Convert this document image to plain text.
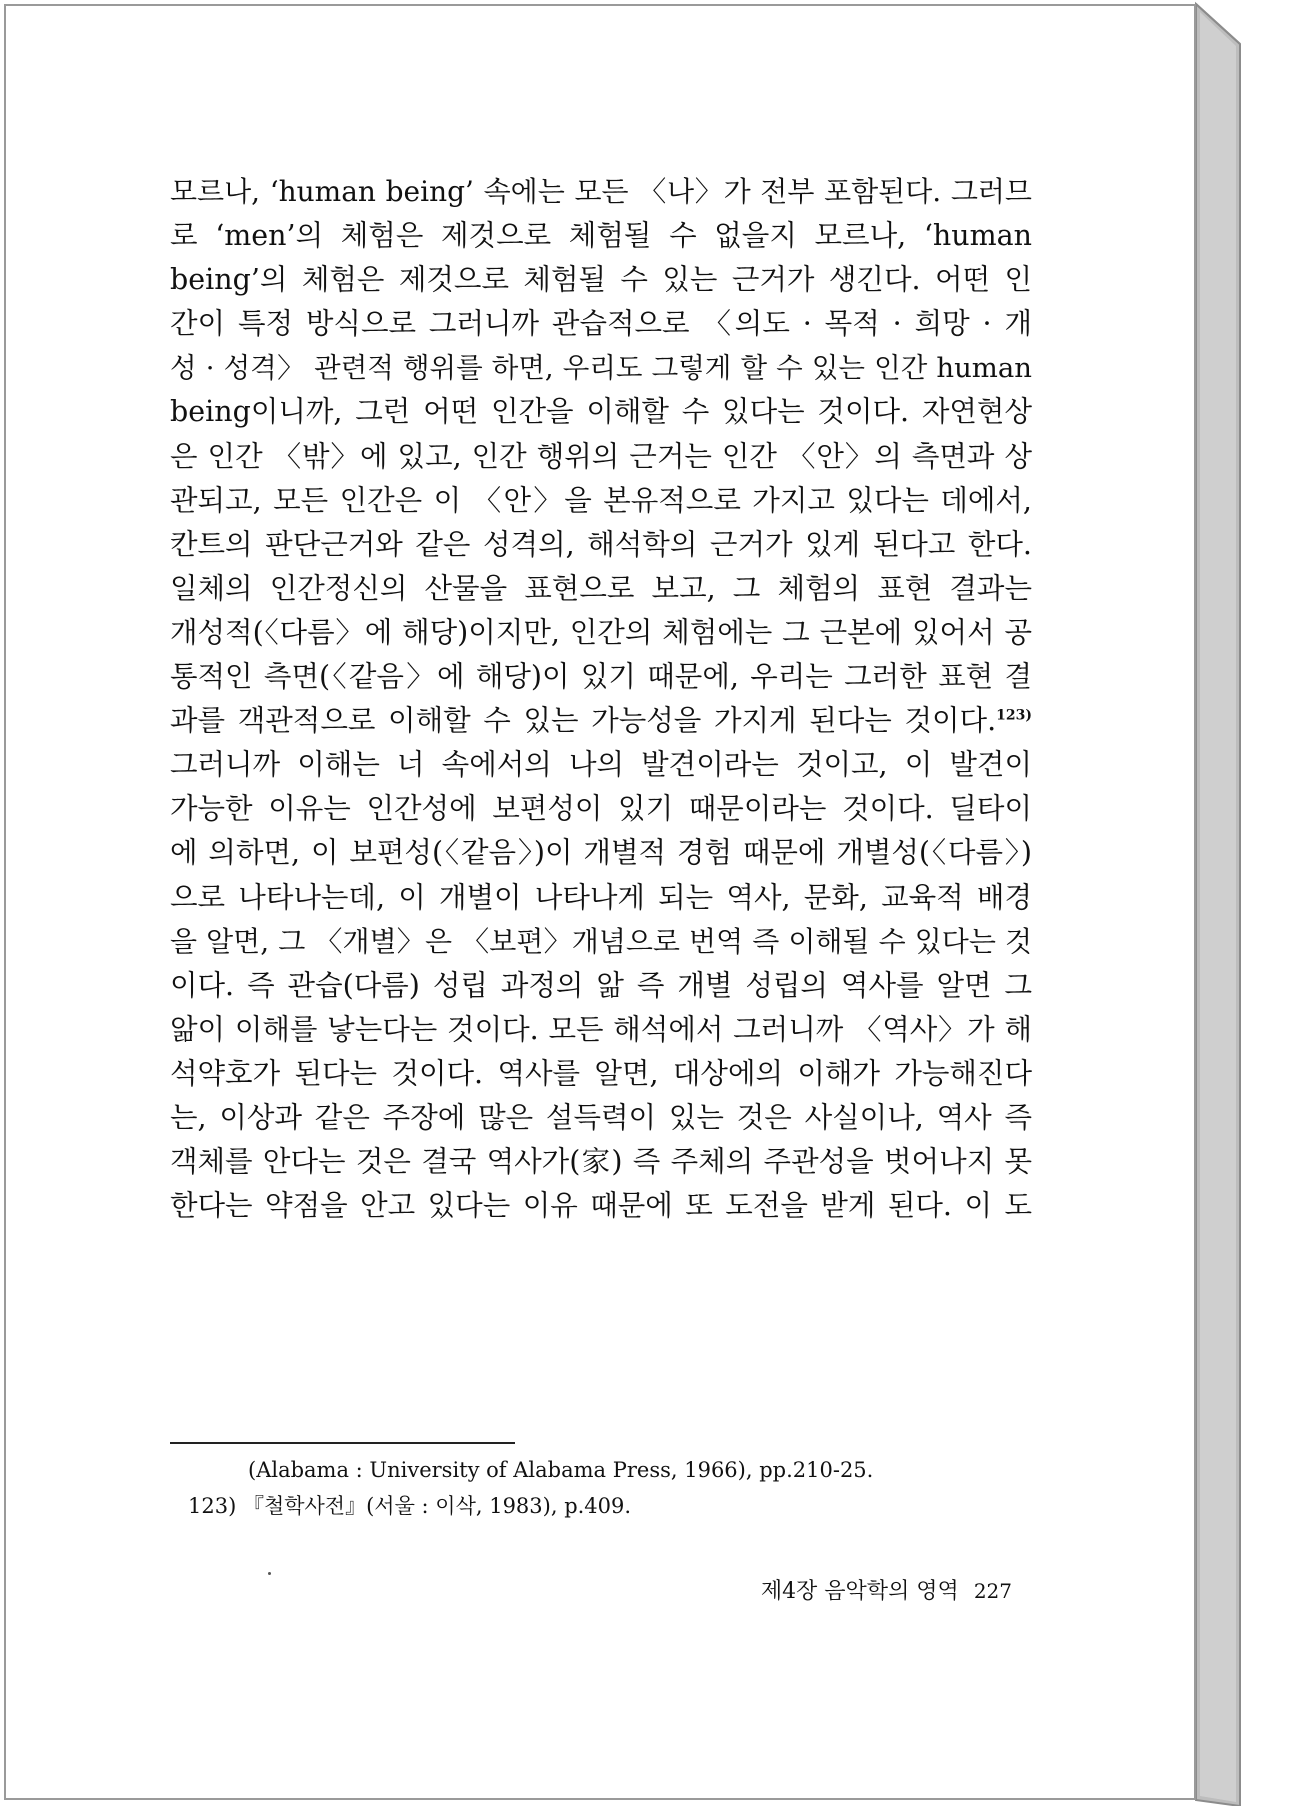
모르나, ‘human being’ 속에는 모든 〈나〉가 전부 포함된다. 그러므
로 ‘men’의 체험은 제것으로 체험될 수 없을지 모르나, ‘human
being’의 체험은 제것으로 체험될 수 있는 근거가 생긴다. 어떤 인
간이 특정 방식으로 그러니까 관습적으로 〈의도 · 목적 · 희망 · 개
성 · 성격〉 관련적 행위를 하면, 우리도 그렇게 할 수 있는 인간 human
being이니까, 그런 어떤 인간을 이해할 수 있다는 것이다. 자연현상
은 인간 〈밖〉에 있고, 인간 행위의 근거는 인간 〈안〉의 측면과 상
관되고, 모든 인간은 이 〈안〉을 본유적으로 가지고 있다는 데에서,
칸트의 판단근거와 같은 성격의, 해석학의 근거가 있게 된다고 한다.
일체의 인간정신의 산물을 표현으로 보고, 그 체험의 표현 결과는
개성적(〈다름〉에 해당)이지만, 인간의 체험에는 그 근본에 있어서 공
통적인 측면(〈같음〉에 해당)이 있기 때문에, 우리는 그러한 표현 결
과를 객관적으로 이해할 수 있는 가능성을 가지게 된다는 것이다.$^{123)}$
그러니까 이해는 너 속에서의 나의 발견이라는 것이고, 이 발견이
가능한 이유는 인간성에 보편성이 있기 때문이라는 것이다. 딜타이
에 의하면, 이 보편성(〈같음〉)이 개별적 경험 때문에 개별성(〈다름〉)
으로 나타나는데, 이 개별이 나타나게 되는 역사, 문화, 교육적 배경
을 알면, 그 〈개별〉은 〈보편〉개념으로 번역 즉 이해될 수 있다는 것
이다. 즉 관습(다름) 성립 과정의 앎 즉 개별 성립의 역사를 알면 그
앎이 이해를 낳는다는 것이다. 모든 해석에서 그러니까 〈역사〉가 해
석약호가 된다는 것이다. 역사를 알면, 대상에의 이해가 가능해진다
는, 이상과 같은 주장에 많은 설득력이 있는 것은 사실이나, 역사 즉
객체를 안다는 것은 결국 역사가(家) 즉 주체의 주관성을 벗어나지 못
한다는 약점을 안고 있다는 이유 때문에 또 도전을 받게 된다. 이 도
(Alabama : University of Alabama Press, 1966), pp.210-25.
123) 『철학사전』(서울 : 이삭, 1983), p.409.
제4장 음악학의 영역 227
